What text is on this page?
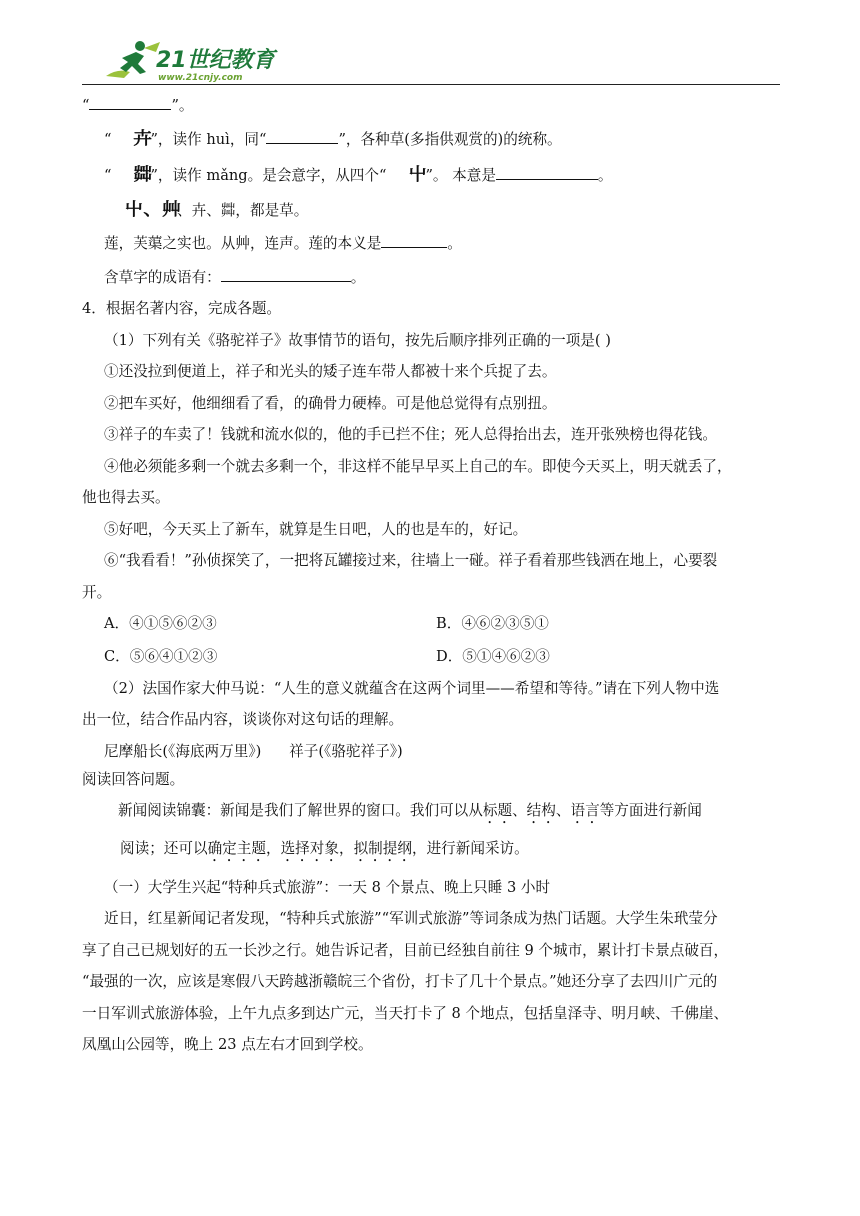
21世纪教育
www.21cnjy.com

“	”。

“ 卉”，读作 huì，同“	”，各种草(多指供观赏的)的统称。

“ 茻”，读作 mǎng。是会意字，从四个“ 屮”。 本意是	。

屮、艸、卉、茻，都是草。

莲，芙蕖之实也。从艸，连声。莲的本义是	。

含草字的成语有：	。

4．根据名著内容，完成各题。

（1）下列有关《骆驼祥子》故事情节的语句，按先后顺序排列正确的一项是( )

①还没拉到便道上，祥子和光头的矮子连车带人都被十来个兵捉了去。

②把车买好，他细细看了看，的确骨力硬棒。可是他总觉得有点别扭。

③祥子的车卖了！钱就和流水似的，他的手已拦不住；死人总得抬出去，连开张殃榜也得花钱。

④他必须能多剩一个就去多剩一个，非这样不能早早买上自己的车。即使今天买上，明天就丢了，

他也得去买。

⑤好吧，今天买上了新车，就算是生日吧，人的也是车的，好记。

⑥“我看看！”孙侦探笑了，一把将瓦罐接过来，往墙上一碰。祥子看着那些钱洒在地上，心要裂

开。

A．④①⑤⑥②③	B．④⑥②③⑤①
C．⑤⑥④①②③	D．⑤①④⑥②③

（2）法国作家大仲马说：“人生的意义就蕴含在这两个词里——希望和等待。”请在下列人物中选

出一位，结合作品内容，谈谈你对这句话的理解。

尼摩船长(《海底两万里》)      祥子(《骆驼祥子》)

阅读回答问题。

新闻阅读锦囊：新闻是我们了解世界的窗口。我们可以从标题、结构、语言等方面进行新闻

阅读；还可以确定主题，选择对象，拟制提纲，进行新闻采访。

（一）大学生兴起“特种兵式旅游”：一天 8 个景点、晚上只睡 3 小时

近日，红星新闻记者发现，“特种兵式旅游”“军训式旅游”等词条成为热门话题。大学生朱玳莹分

享了自己已规划好的五一长沙之行。她告诉记者，目前已经独自前往 9 个城市，累计打卡景点破百，

“最强的一次，应该是寒假八天跨越浙赣皖三个省份，打卡了几十个景点。”她还分享了去四川广元的

一日军训式旅游体验，上午九点多到达广元，当天打卡了 8 个地点，包括皇泽寺、明月峡、千佛崖、

凤凰山公园等，晚上 23 点左右才回到学校。
